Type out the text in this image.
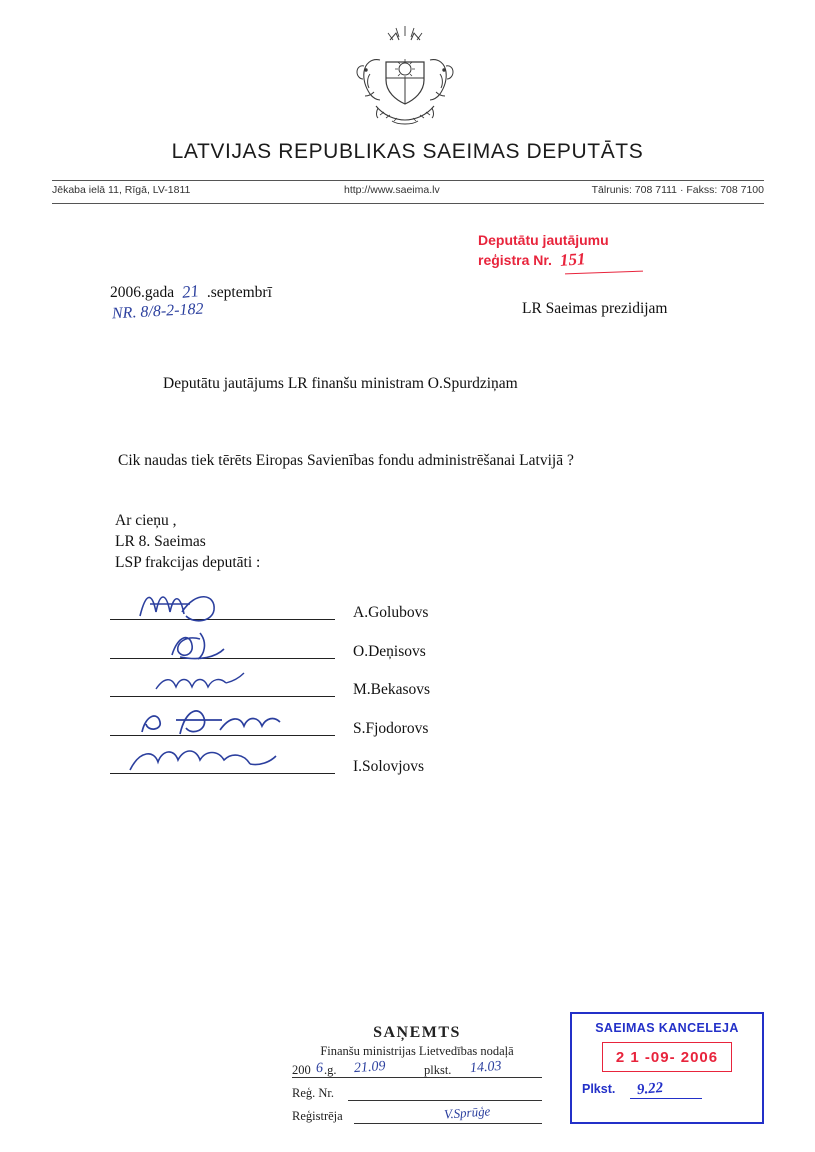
LATVIJAS REPUBLIKAS SAEIMAS DEPUTĀTS
Jēkaba ielā 11, Rīgā, LV-1811	http://www.saeima.lv	Tālrunis: 708 7111 · Fakss: 708 7100
Deputātu jautājumu
reģistra Nr. 151
2006.gada 21 .septembrī
NR. 8/8-2-182	LR Saeimas prezidijam
Deputātu jautājums LR finanšu ministram O.Spurdziņam
Cik naudas tiek tērēts Eiropas Savienības fondu administrēšanai Latvijā ?
Ar cieņu ,
LR 8. Saeimas
LSP frakcijas deputāti :
A.Golubovs
O.Deņisovs
M.Bekasovs
S.Fjodorovs
I.Solovjovs
SAŅEMTS
Finanšu ministrijas Lietvedības nodaļā
200 6 .g. 21.09	plkst. 14.03
Reģ. Nr.
Reģistrēja	V.Sprūģe
SAEIMAS KANCELEJA
2 1 -09- 2006
Plkst. 9.22
